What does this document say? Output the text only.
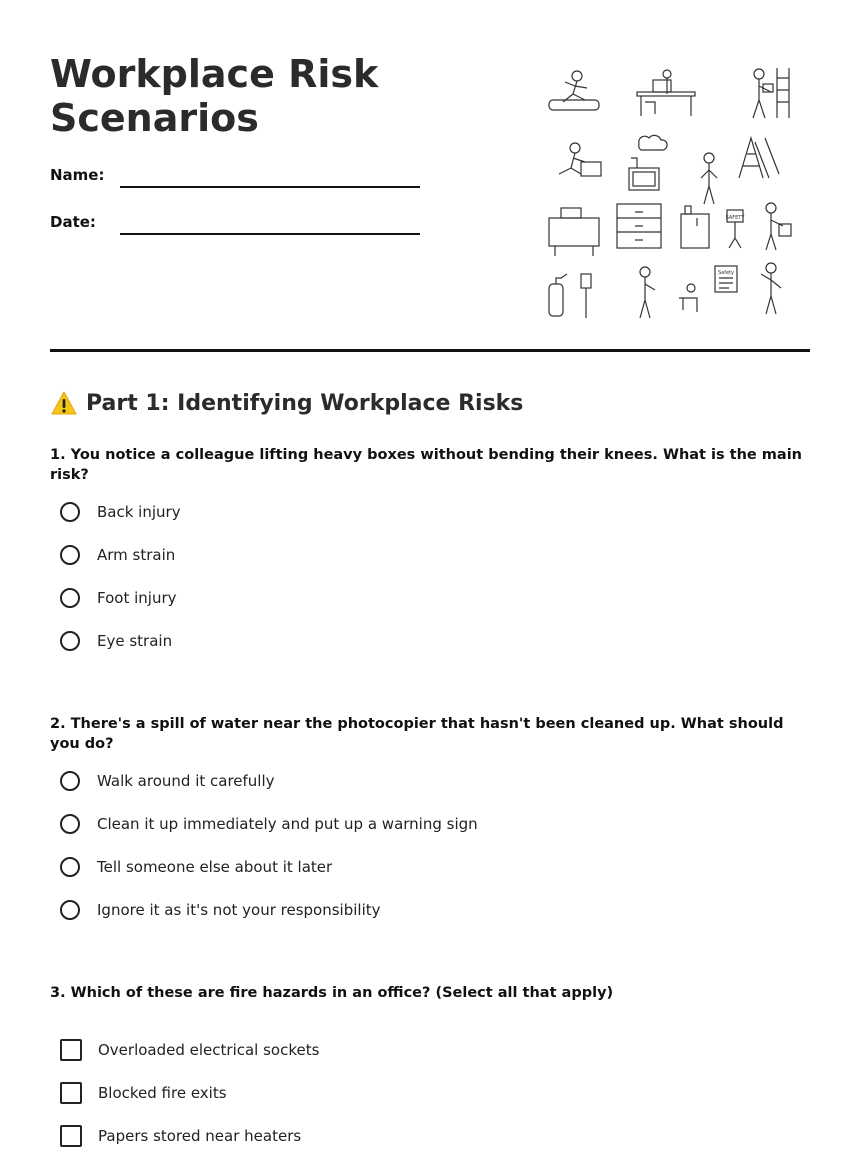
Workplace Risk Scenarios
Name:
Date:	SAFETY
Safety
Part 1: Identifying Workplace Risks

1. You notice a colleague lifting heavy boxes without bending their knees. What is the main risk?

Back injury
Arm strain
Foot injury
Eye strain

2. There's a spill of water near the photocopier that hasn't been cleaned up. What should you do?

Walk around it carefully
Clean it up immediately and put up a warning sign
Tell someone else about it later
Ignore it as it's not your responsibility

3. Which of these are fire hazards in an office? (Select all that apply)

Overloaded electrical sockets
Blocked fire exits
Papers stored near heaters
